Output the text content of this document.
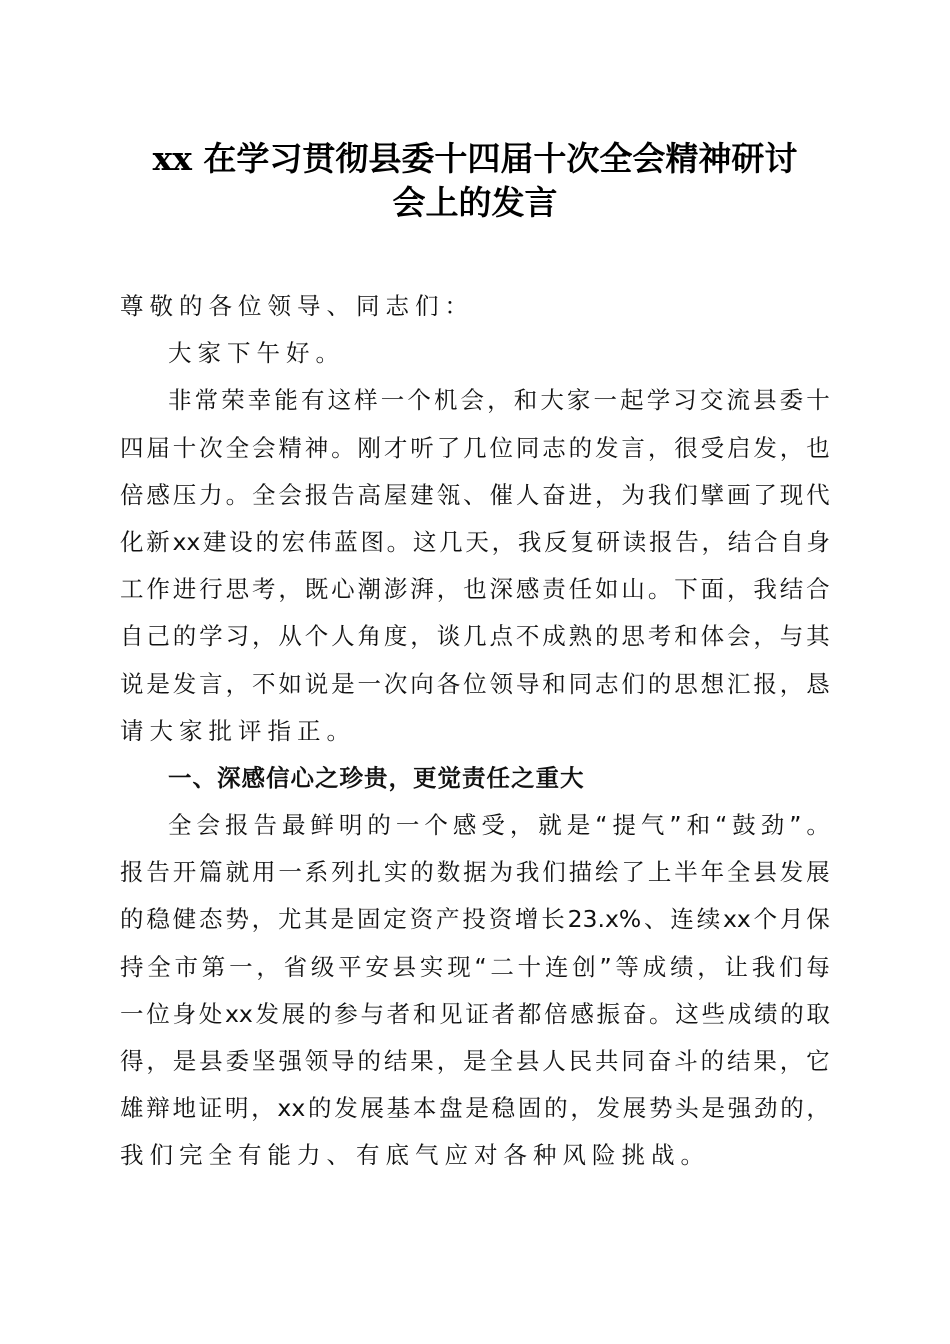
xx 在学习贯彻县委十四届十次全会精神研讨
会上的发言
尊敬的各位领导、同志们：
大家下午好。
非 常 荣 幸 能 有 这 样 一 个 机 会 ， 和 大 家 一 起 学 习 交 流 县 委 十
四 届 十 次 全 会 精 神 。 刚 才 听 了 几 位 同 志 的 发 言 ， 很 受 启 发 ， 也
倍 感 压 力 。 全 会 报 告 高 屋 建 瓴 、 催 人 奋 进 ， 为 我 们 擘 画 了 现 代
化 新 xx 建 设 的 宏 伟 蓝 图 。 这 几 天 ， 我 反 复 研 读 报 告 ， 结 合 自 身
工 作 进 行 思 考 ， 既 心 潮 澎 湃 ， 也 深 感 责 任 如 山 。 下 面 ， 我 结 合
自 己 的 学 习 ， 从 个 人 角 度 ， 谈 几 点 不 成 熟 的 思 考 和 体 会 ， 与 其
说 是 发 言 ， 不 如 说 是 一 次 向 各 位 领 导 和 同 志 们 的 思 想 汇 报 ， 恳
请大家批评指正。
一、深感信心之珍贵，更觉责任之重大
全 会 报 告 最 鲜 明 的 一 个 感 受 ， 就 是 “ 提 气 ” 和 “ 鼓 劲 ” 。
报 告 开 篇 就 用 一 系 列 扎 实 的 数 据 为 我 们 描 绘 了 上 半 年 全 县 发 展
的 稳 健 态 势 ， 尤 其 是 固 定 资 产 投 资 增 长 23.x% 、 连 续 xx 个 月 保
持 全 市 第 一 ， 省 级 平 安 县 实 现 “ 二 十 连 创 ” 等 成 绩 ， 让 我 们 每
一 位 身 处 xx 发 展 的 参 与 者 和 见 证 者 都 倍 感 振 奋 。 这 些 成 绩 的 取
得 ， 是 县 委 坚 强 领 导 的 结 果 ， 是 全 县 人 民 共 同 奋 斗 的 结 果 ， 它
雄 辩 地 证 明 ， xx 的 发 展 基 本 盘 是 稳 固 的 ， 发 展 势 头 是 强 劲 的 ，
我们完全有能力、有底气应对各种风险挑战。
